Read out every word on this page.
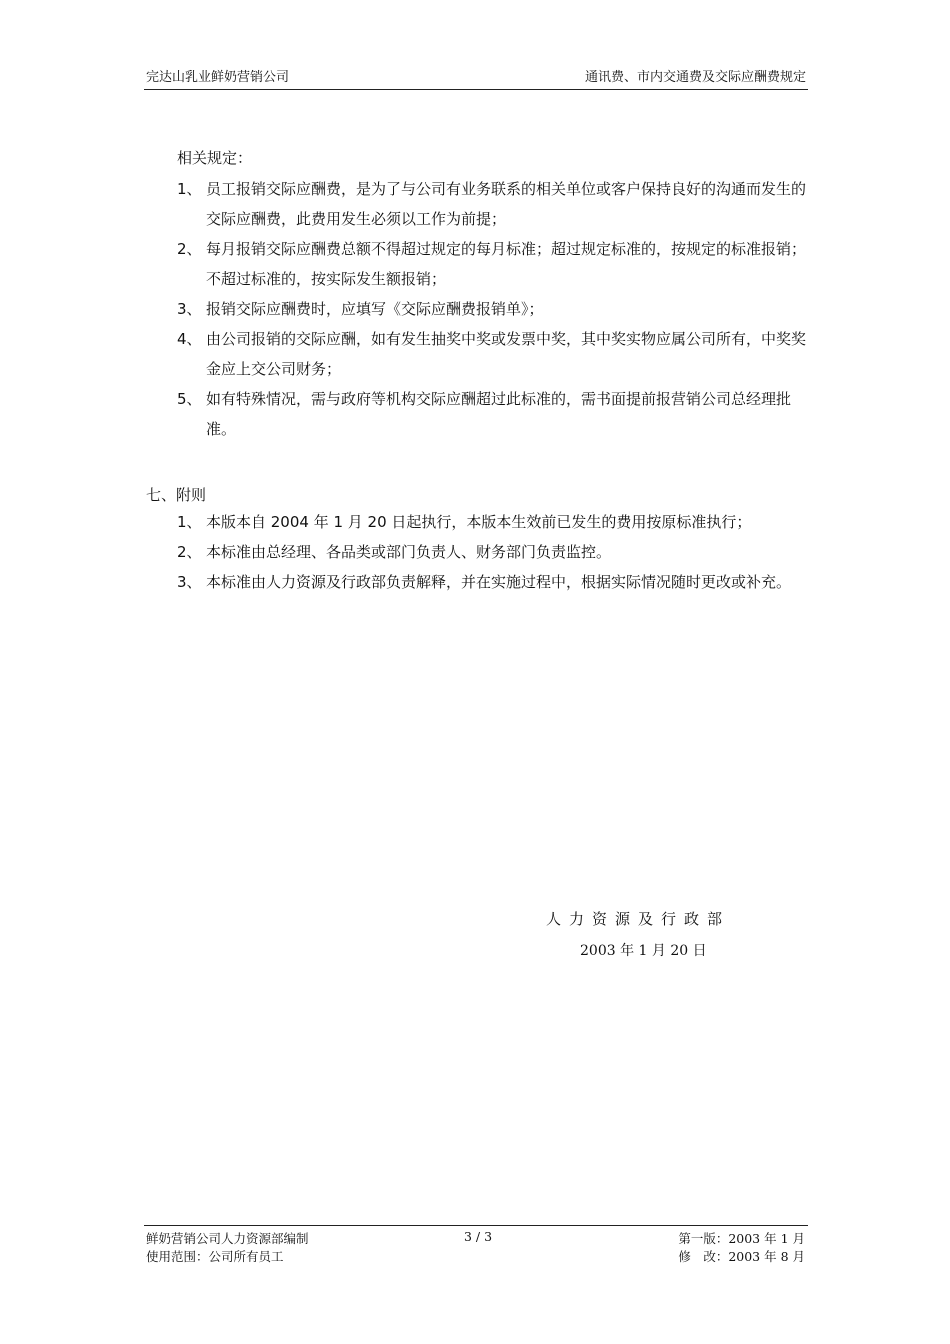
完达山乳业鲜奶营销公司	通讯费、市内交通费及交际应酬费规定
相关规定：
1、 员工报销交际应酬费，是为了与公司有业务联系的相关单位或客户保持良好的沟通而发生的交际应酬费，此费用发生必须以工作为前提；
2、 每月报销交际应酬费总额不得超过规定的每月标准；超过规定标准的，按规定的标准报销；不超过标准的，按实际发生额报销；
3、 报销交际应酬费时，应填写《交际应酬费报销单》；
4、 由公司报销的交际应酬，如有发生抽奖中奖或发票中奖，其中奖实物应属公司所有，中奖奖金应上交公司财务；
5、 如有特殊情况，需与政府等机构交际应酬超过此标准的，需书面提前报营销公司总经理批准。
七、附则
1、 本版本自 2004 年 1 月 20 日起执行，本版本生效前已发生的费用按原标准执行；
2、 本标准由总经理、各品类或部门负责人、财务部门负责监控。
3、 本标准由人力资源及行政部负责解释，并在实施过程中，根据实际情况随时更改或补充。
人力资源及行政部
2003 年 1 月 20 日
鲜奶营销公司人力资源部编制
使用范围：公司所有员工
3 / 3	第一版：2003 年 1 月
修　改：2003 年 8 月
